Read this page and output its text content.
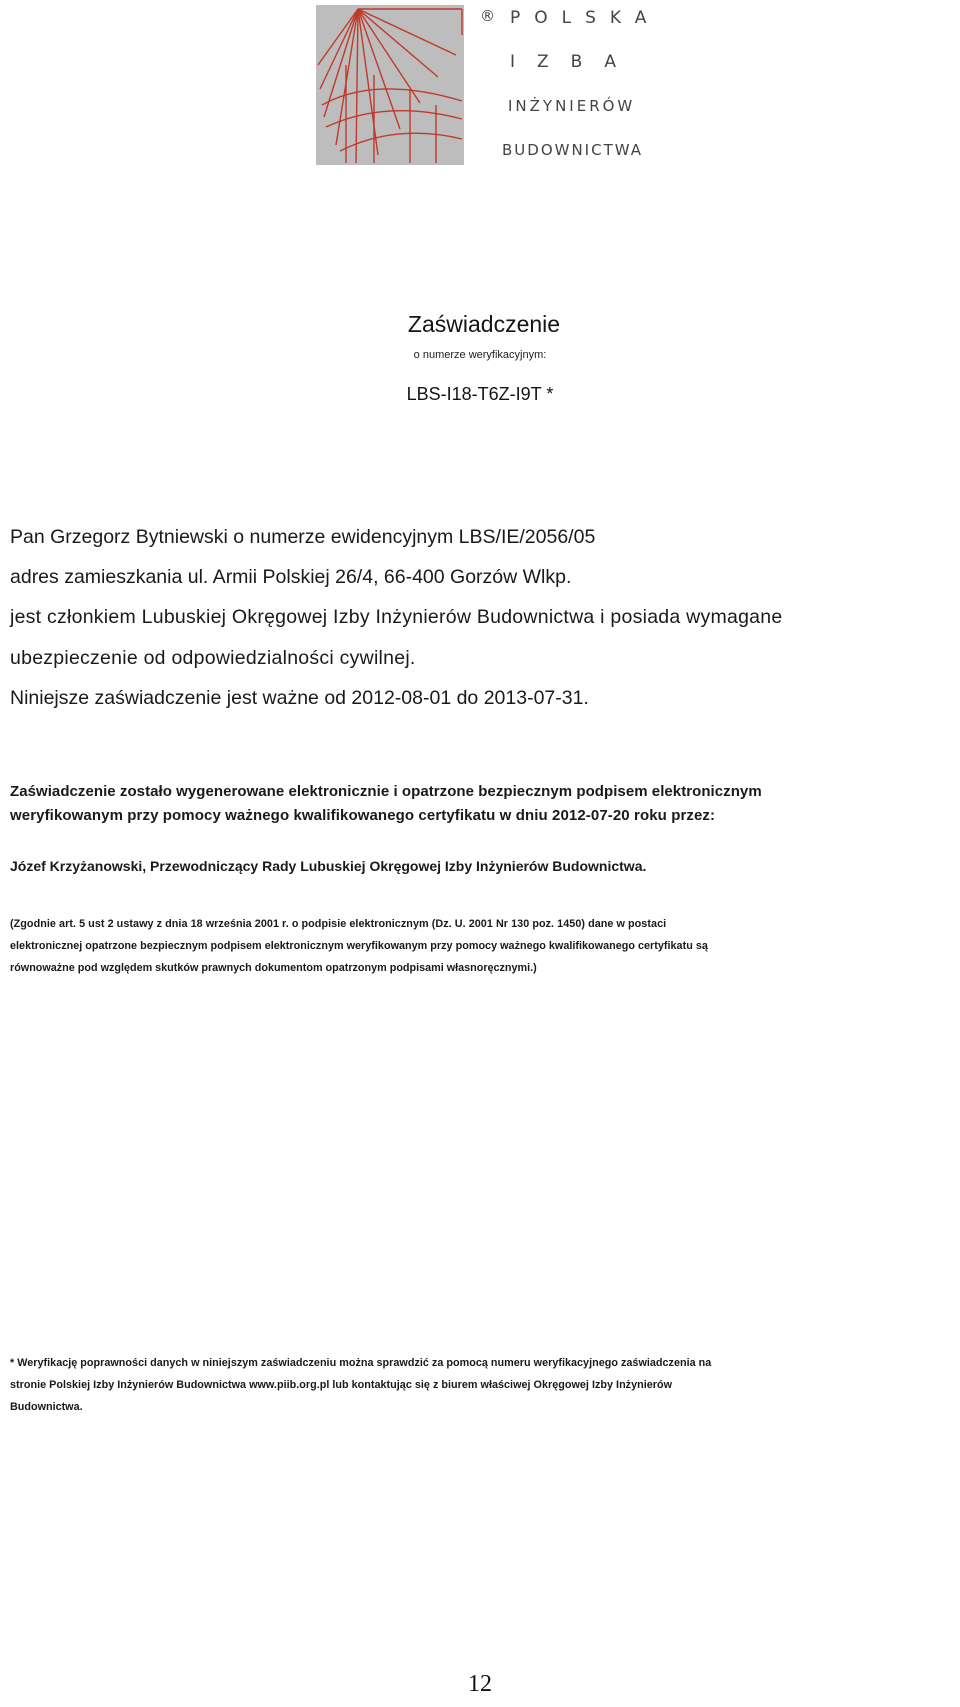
® POLSKA
IZBA
INŻYNIERÓW
BUDOWNICTWA
Zaświadczenie
o numerze weryfikacyjnym:
LBS-I18-T6Z-I9T *
Pan Grzegorz Bytniewski o numerze ewidencyjnym LBS/IE/2056/05
adres zamieszkania ul. Armii Polskiej 26/4, 66-400 Gorzów Wlkp.
jest członkiem Lubuskiej Okręgowej Izby Inżynierów Budownictwa i posiada wymagane
ubezpieczenie od odpowiedzialności cywilnej.
Niniejsze zaświadczenie jest ważne od 2012-08-01 do 2013-07-31.
Zaświadczenie zostało wygenerowane elektronicznie i opatrzone bezpiecznym podpisem elektronicznym
weryfikowanym przy pomocy ważnego kwalifikowanego certyfikatu w dniu 2012-07-20 roku przez:
Józef Krzyżanowski, Przewodniczący Rady Lubuskiej Okręgowej Izby Inżynierów Budownictwa.
(Zgodnie art. 5 ust 2 ustawy z dnia 18 września 2001 r. o podpisie elektronicznym (Dz. U. 2001 Nr 130 poz. 1450) dane w postaci
elektronicznej opatrzone bezpiecznym podpisem elektronicznym weryfikowanym przy pomocy ważnego kwalifikowanego certyfikatu są
równoważne pod względem skutków prawnych dokumentom opatrzonym podpisami własnoręcznymi.)
* Weryfikację poprawności danych w niniejszym zaświadczeniu można sprawdzić za pomocą numeru weryfikacyjnego zaświadczenia na
stronie Polskiej Izby Inżynierów Budownictwa www.piib.org.pl lub kontaktując się z biurem właściwej Okręgowej Izby Inżynierów
Budownictwa.
12
